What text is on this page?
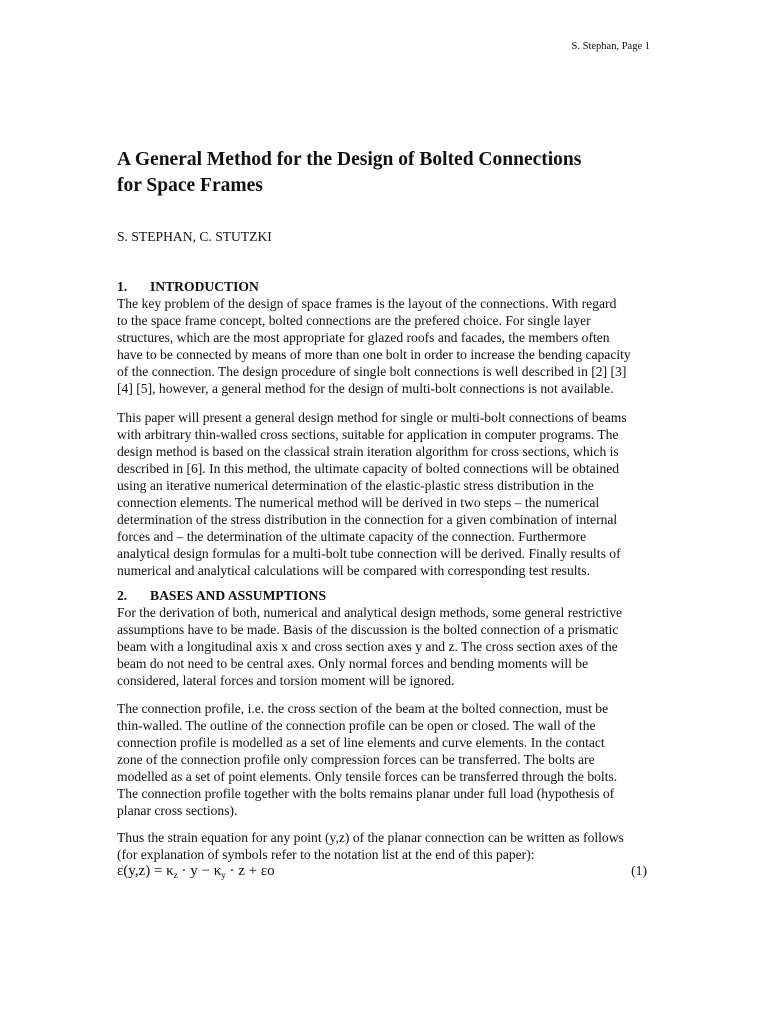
S. Stephan, Page 1
A General Method for the Design of Bolted Connections
for Space Frames

S. STEPHAN, C. STUTZKI

1. INTRODUCTION

The key problem of the design of space frames is the layout of the connections. With regard
to the space frame concept, bolted connections are the prefered choice. For single layer
structures, which are the most appropriate for glazed roofs and facades, the members often
have to be connected by means of more than one bolt in order to increase the bending capacity
of the connection. The design procedure of single bolt connections is well described in [2] [3]
[4] [5], however, a general method for the design of multi-bolt connections is not available.

This paper will present a general design method for single or multi-bolt connections of beams
with arbitrary thin-walled cross sections, suitable for application in computer programs. The
design method is based on the classical strain iteration algorithm for cross sections, which is
described in [6]. In this method, the ultimate capacity of bolted connections will be obtained
using an iterative numerical determination of the elastic-plastic stress distribution in the
connection elements. The numerical method will be derived in two steps – the numerical
determination of the stress distribution in the connection for a given combination of internal
forces and – the determination of the ultimate capacity of the connection. Furthermore
analytical design formulas for a multi-bolt tube connection will be derived. Finally results of
numerical and analytical calculations will be compared with corresponding test results.

2. BASES AND ASSUMPTIONS

For the derivation of both, numerical and analytical design methods, some general restrictive
assumptions have to be made. Basis of the discussion is the bolted connection of a prismatic
beam with a longitudinal axis x and cross section axes y and z. The cross section axes of the
beam do not need to be central axes. Only normal forces and bending moments will be
considered, lateral forces and torsion moment will be ignored.

The connection profile, i.e. the cross section of the beam at the bolted connection, must be
thin-walled. The outline of the connection profile can be open or closed. The wall of the
connection profile is modelled as a set of line elements and curve elements. In the contact
zone of the connection profile only compression forces can be transferred. The bolts are
modelled as a set of point elements. Only tensile forces can be transferred through the bolts.
The connection profile together with the bolts remains planar under full load (hypothesis of
planar cross sections).

Thus the strain equation for any point (y,z) of the planar connection can be written as follows
(for explanation of symbols refer to the notation list at the end of this paper):

$\varepsilon(y,z) = \kappa_z \cdot y - \kappa_y \cdot z + \varepsilon o$	(1)
